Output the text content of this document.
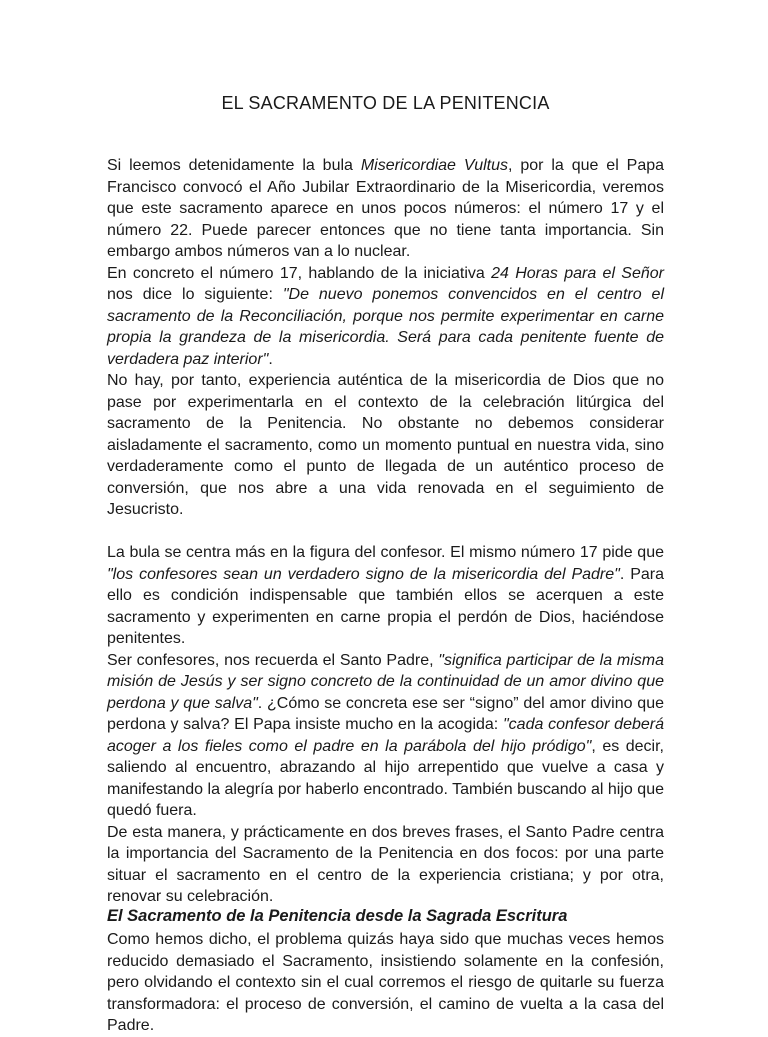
EL SACRAMENTO DE LA PENITENCIA

Si leemos detenidamente la bula Misericordiae Vultus, por la que el Papa Francisco convocó el Año Jubilar Extraordinario de la Misericordia, veremos que este sacramento aparece en unos pocos números: el número 17 y el número 22. Puede parecer entonces que no tiene tanta importancia. Sin embargo ambos números van a lo nuclear.

En concreto el número 17, hablando de la iniciativa 24 Horas para el Señor nos dice lo siguiente: "De nuevo ponemos convencidos en el centro el sacramento de la Reconciliación, porque nos permite experimentar en carne propia la grandeza de la misericordia. Será para cada penitente fuente de verdadera paz interior".

No hay, por tanto, experiencia auténtica de la misericordia de Dios que no pase por experimentarla en el contexto de la celebración litúrgica del sacramento de la Penitencia. No obstante no debemos considerar aisladamente el sacramento, como un momento puntual en nuestra vida, sino verdaderamente como el punto de llegada de un auténtico proceso de conversión, que nos abre a una vida renovada en el seguimiento de Jesucristo.

La bula se centra más en la figura del confesor. El mismo número 17 pide que "los confesores sean un verdadero signo de la misericordia del Padre". Para ello es condición indispensable que también ellos se acerquen a este sacramento y experimenten en carne propia el perdón de Dios, haciéndose penitentes.

Ser confesores, nos recuerda el Santo Padre, "significa participar de la misma misión de Jesús y ser signo concreto de la continuidad de un amor divino que perdona y que salva". ¿Cómo se concreta ese ser “signo” del amor divino que perdona y salva? El Papa insiste mucho en la acogida: "cada confesor deberá acoger a los fieles como el padre en la parábola del hijo pródigo", es decir, saliendo al encuentro, abrazando al hijo arrepentido que vuelve a casa y manifestando la alegría por haberlo encontrado. También buscando al hijo que quedó fuera.

De esta manera, y prácticamente en dos breves frases, el Santo Padre centra la importancia del Sacramento de la Penitencia en dos focos: por una parte situar el sacramento en el centro de la experiencia cristiana; y por otra, renovar su celebración.

Como hemos dicho, el problema quizás haya sido que muchas veces hemos reducido demasiado el Sacramento, insistiendo solamente en la confesión, pero olvidando el contexto sin el cual corremos el riesgo de quitarle su fuerza transformadora: el proceso de conversión, el camino de vuelta a la casa del Padre.

El Sacramento de la Penitencia desde la Sagrada Escritura
